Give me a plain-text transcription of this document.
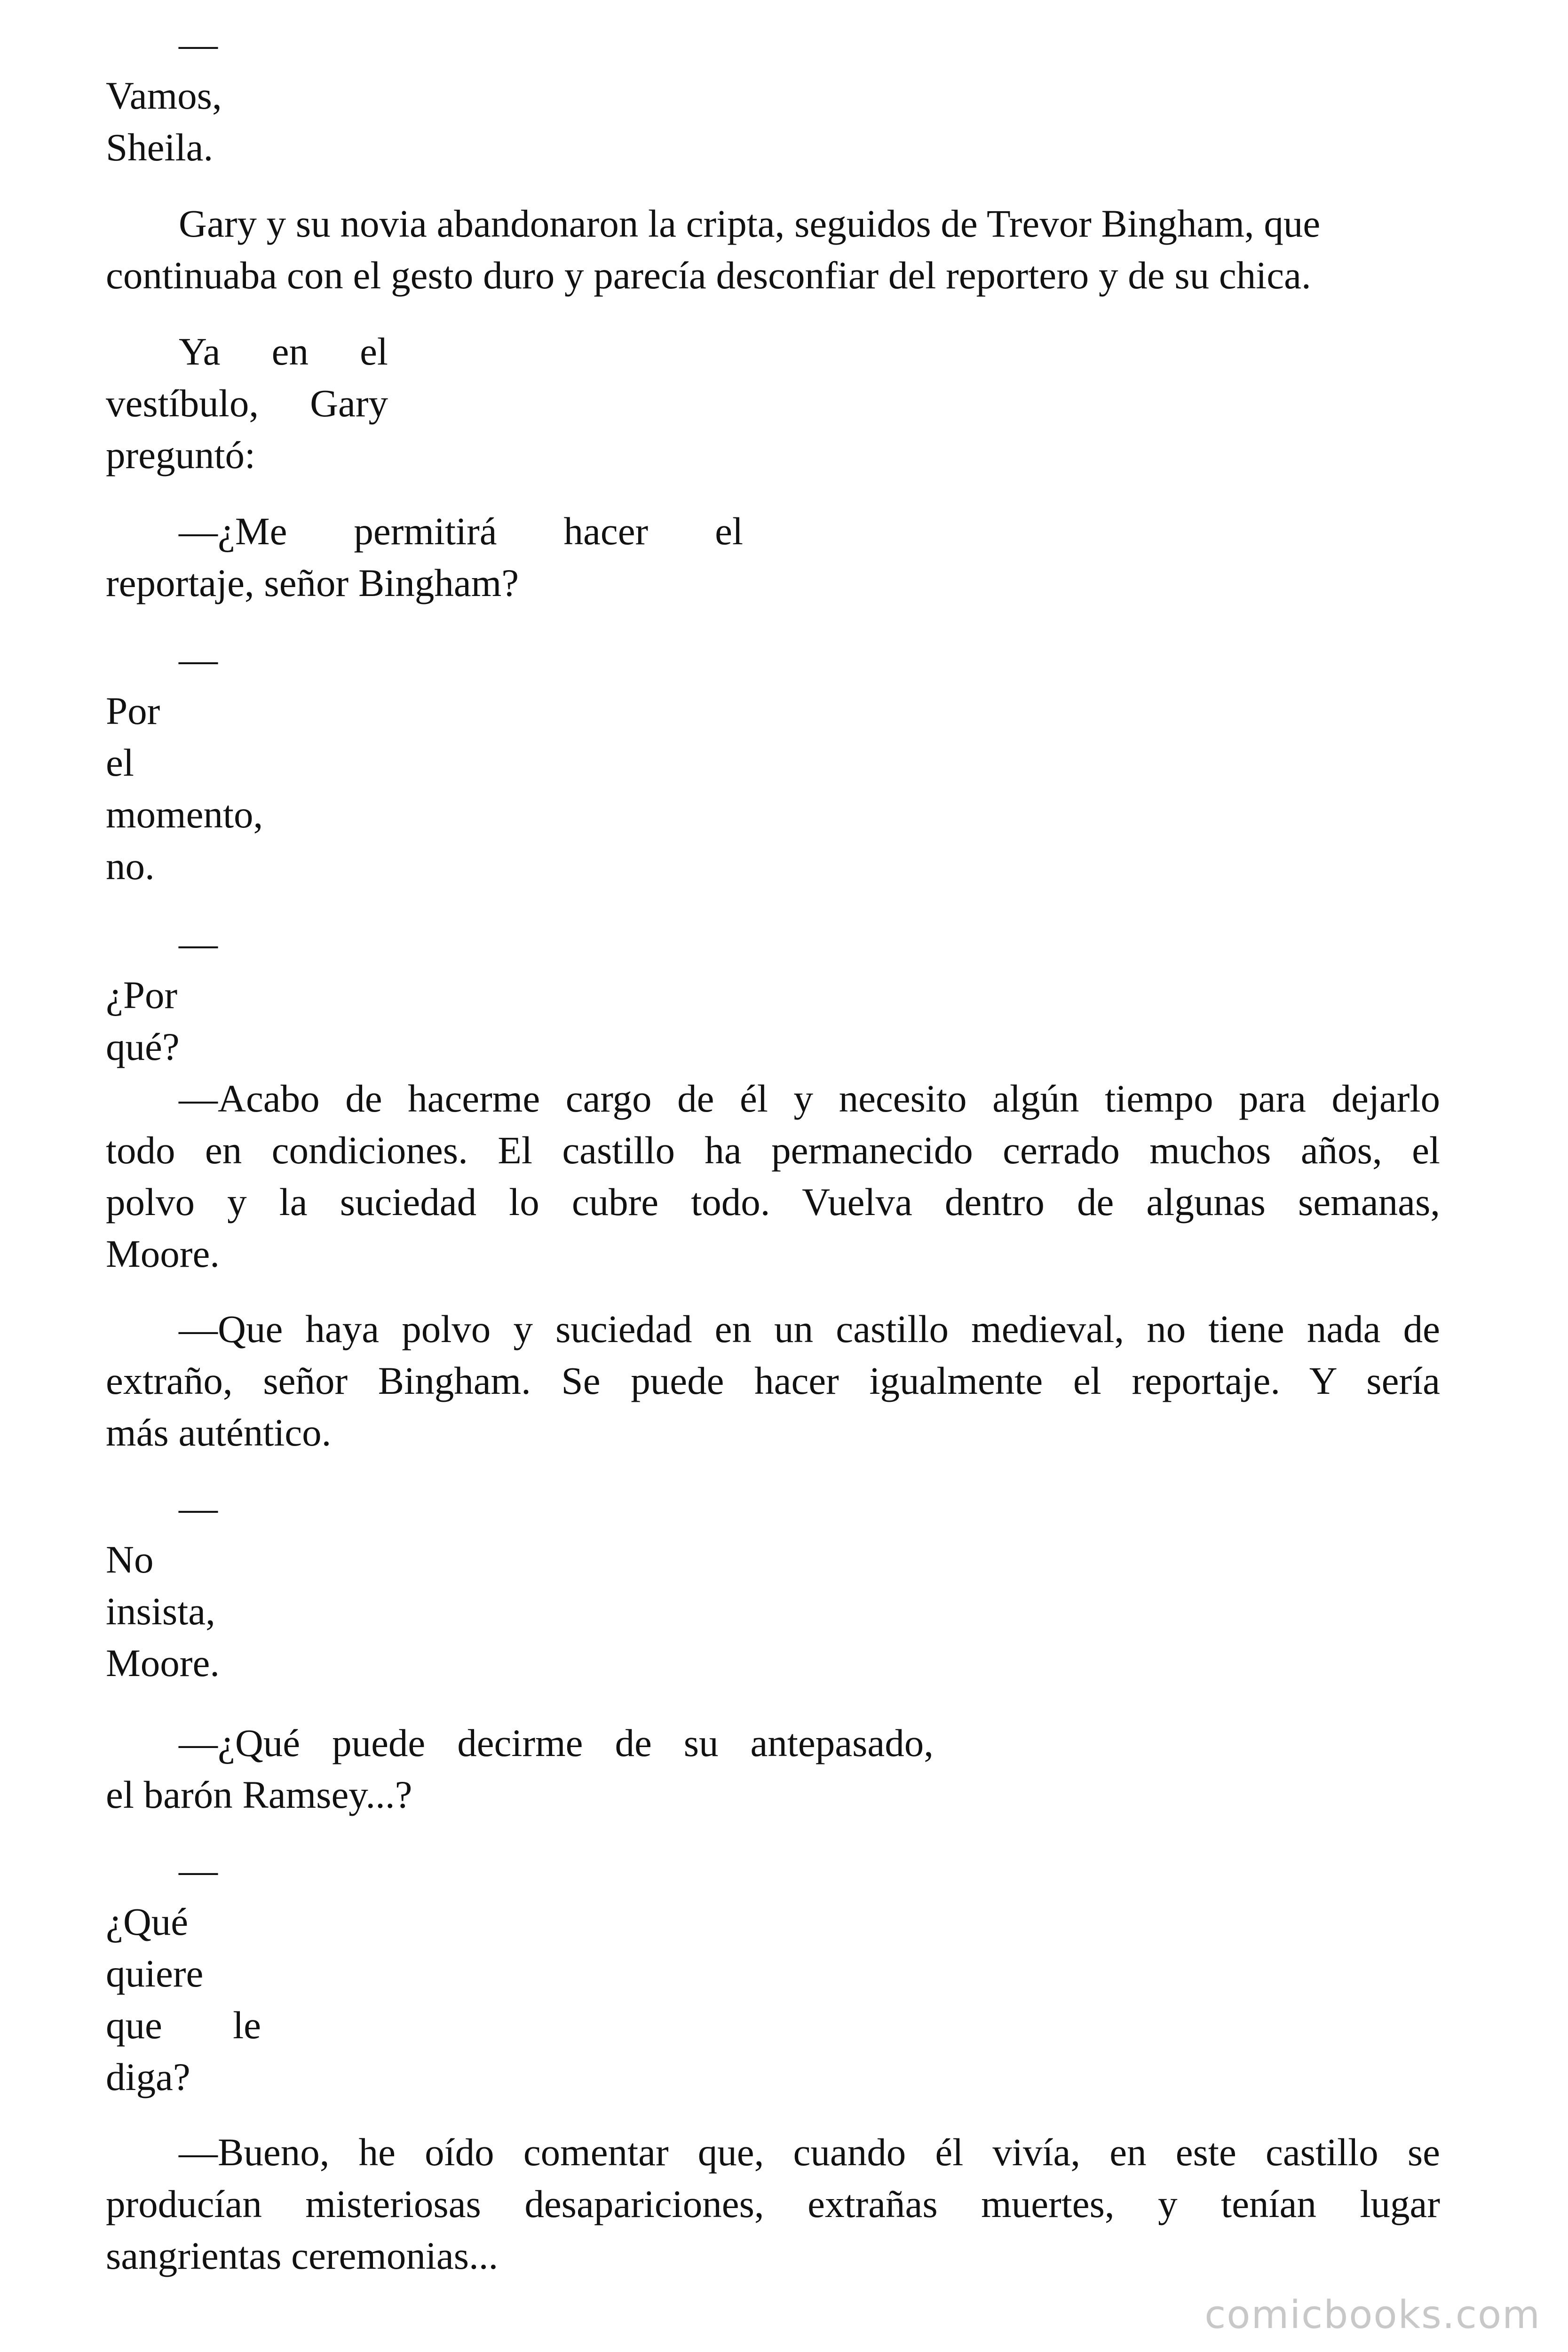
—
Vamos,
Sheila.
Gary y su novia abandonaron la cripta, seguidos de Trevor Bingham, que
continuaba con el gesto duro y parecía desconfiar del reportero y de su chica.
Ya en el
vestíbulo, Gary
preguntó:
—¿Me permitirá hacer el
reportaje, señor Bingham?
—
Por
el
momento,
no.
—
¿Por
qué?
—Acabo de hacerme cargo de él y necesito algún tiempo para dejarlo
todo en condiciones. El castillo ha permanecido cerrado muchos años, el
polvo y la suciedad lo cubre todo. Vuelva dentro de algunas semanas,
Moore.
—Que haya polvo y suciedad en un castillo medieval, no tiene nada de
extraño, señor Bingham. Se puede hacer igualmente el reportaje. Y sería
más auténtico.
—
No
insista,
Moore.
—¿Qué puede decirme de su antepasado,
el barón Ramsey...?
—
¿Qué
quiere
que le
diga?
—Bueno, he oído comentar que, cuando él vivía, en este castillo se
producían misteriosas desapariciones, extrañas muertes, y tenían lugar
sangrientas ceremonias...
comicbooks.com
